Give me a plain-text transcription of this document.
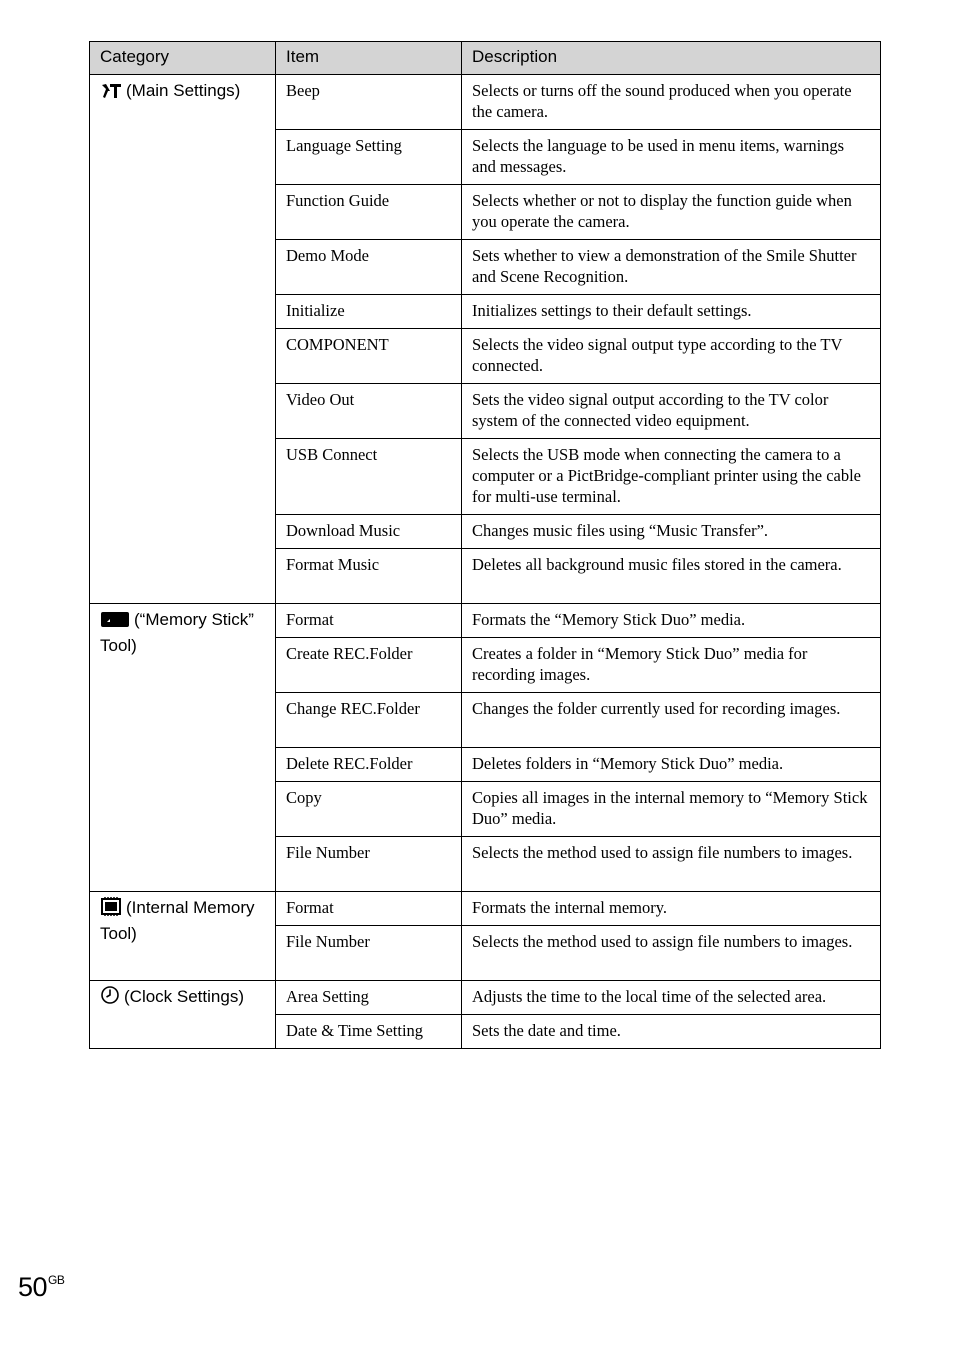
Category	Item	Description
(Main Settings)	Beep	Selects or turns off the sound produced when you operate the camera.
	Language Setting	Selects the language to be used in menu items, warnings and messages.
	Function Guide	Selects whether or not to display the function guide when you operate the camera.
	Demo Mode	Sets whether to view a demonstration of the Smile Shutter and Scene Recognition.
	Initialize	Initializes settings to their default settings.
	COMPONENT	Selects the video signal output type according to the TV connected.
	Video Out	Sets the video signal output according to the TV color system of the connected video equipment.
	USB Connect	Selects the USB mode when connecting the camera to a computer or a PictBridge-compliant printer using the cable for multi-use terminal.
	Download Music	Changes music files using “Music Transfer”.
	Format Music	Deletes all background music files stored in the camera.
(“Memory Stick” Tool)	Format	Formats the “Memory Stick Duo” media.
	Create REC.Folder	Creates a folder in “Memory Stick Duo” media for recording images.
	Change REC.Folder	Changes the folder currently used for recording images.
	Delete REC.Folder	Deletes folders in “Memory Stick Duo” media.
	Copy	Copies all images in the internal memory to “Memory Stick Duo” media.
	File Number	Selects the method used to assign file numbers to images.
(Internal Memory Tool)	Format	Formats the internal memory.
	File Number	Selects the method used to assign file numbers to images.
(Clock Settings)	Area Setting	Adjusts the time to the local time of the selected area.
	Date & Time Setting	Sets the date and time.
$50^{GB}$
